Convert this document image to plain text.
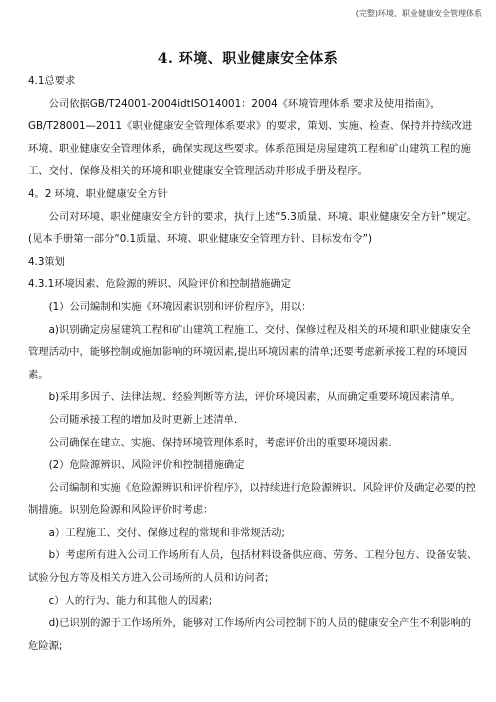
(完整)环境、职业健康安全管理体系
4. 环境、职业健康安全体系

4.1总要求

公司依据GB/T24001-2004idtISO14001：2004《环境管理体系 要求及使用指南》，GB/T28001—2011《职业健康安全管理体系要求》的要求，策划、实施、检查、保持并持续改进环境、职业健康安全管理体系，确保实现这些要求。体系范围是房屋建筑工程和矿山建筑工程的施工、交付、保修及相关的环境和职业健康安全管理活动并形成手册及程序。

4。2 环境、职业健康安全方针

公司对环境、职业健康安全方针的要求，执行上述“5.3质量、环境、职业健康安全方针”规定。(见本手册第一部分“0.1质量、环境、职业健康安全管理方针、目标发布令”)

4.3策划

4.3.1环境因素、危险源的辨识、风险评价和控制措施确定

(1）公司编制和实施《环境因素识别和评价程序》，用以：

a)识别确定房屋建筑工程和矿山建筑工程施工、交付、保修过程及相关的环境和职业健康安全管理活动中，能够控制或施加影响的环境因素,提出环境因素的清单;还要考虑新承接工程的环境因素。

b)采用多因子、法律法规、经验判断等方法，评价环境因素，从而确定重要环境因素清单。

公司随承接工程的增加及时更新上述清单.

公司确保在建立、实施、保持环境管理体系时，考虑评价出的重要环境因素.

(2）危险源辨识、风险评价和控制措施确定

公司编制和实施《危险源辨识和评价程序》，以持续进行危险源辨识、风险评价及确定必要的控制措施。识别危险源和风险评价时考虑：

a）工程施工、交付、保修过程的常规和非常规活动;

b）考虑所有进入公司工作场所有人员，包括材料设备供应商、劳务、工程分包方、设备安装、试验分包方等及相关方进入公司场所的人员和访问者;

c）人的行为、能力和其他人的因素;

d)已识别的源于工作场所外，能够对工作场所内公司控制下的人员的健康安全产生不利影响的危险源;
